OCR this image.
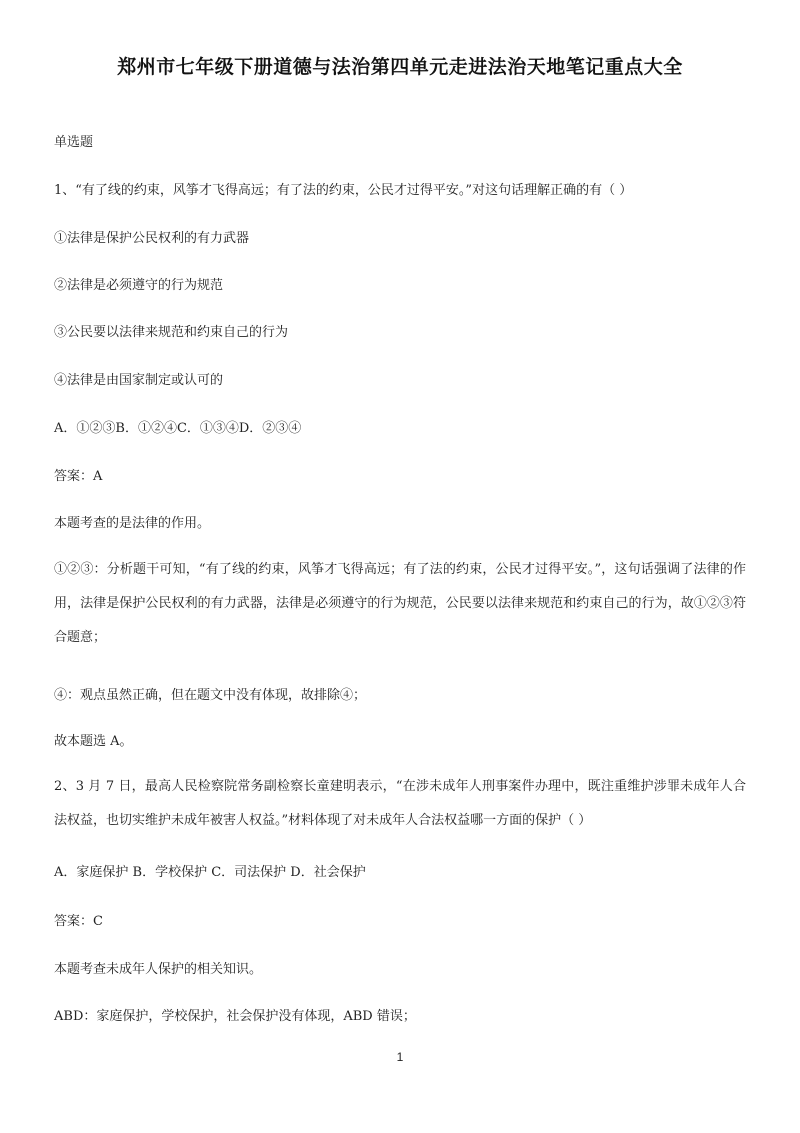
郑州市七年级下册道德与法治第四单元走进法治天地笔记重点大全
单选题
1、“有了线的约束，风筝才飞得高远；有了法的约束，公民才过得平安。”对这句话理解正确的有（ ）
①法律是保护公民权利的有力武器
②法律是必须遵守的行为规范
③公民要以法律来规范和约束自己的行为
④法律是由国家制定或认可的
A．①②③B．①②④C．①③④D．②③④
答案：A
本题考查的是法律的作用。
①②③：分析题干可知，“有了线的约束，风筝才飞得高远；有了法的约束，公民才过得平安。”，这句话强调了法律的作用，法律是保护公民权利的有力武器，法律是必须遵守的行为规范，公民要以法律来规范和约束自己的行为，故①②③符合题意；
④：观点虽然正确，但在题文中没有体现，故排除④；
故本题选 A。
2、3 月 7 日，最高人民检察院常务副检察长童建明表示，“在涉未成年人刑事案件办理中，既注重维护涉罪未成年人合法权益，也切实维护未成年被害人权益。”材料体现了对未成年人合法权益哪一方面的保护（ ）
A．家庭保护 B．学校保护 C．司法保护 D．社会保护
答案：C
本题考查未成年人保护的相关知识。
ABD：家庭保护，学校保护，社会保护没有体现，ABD 错误；
1
